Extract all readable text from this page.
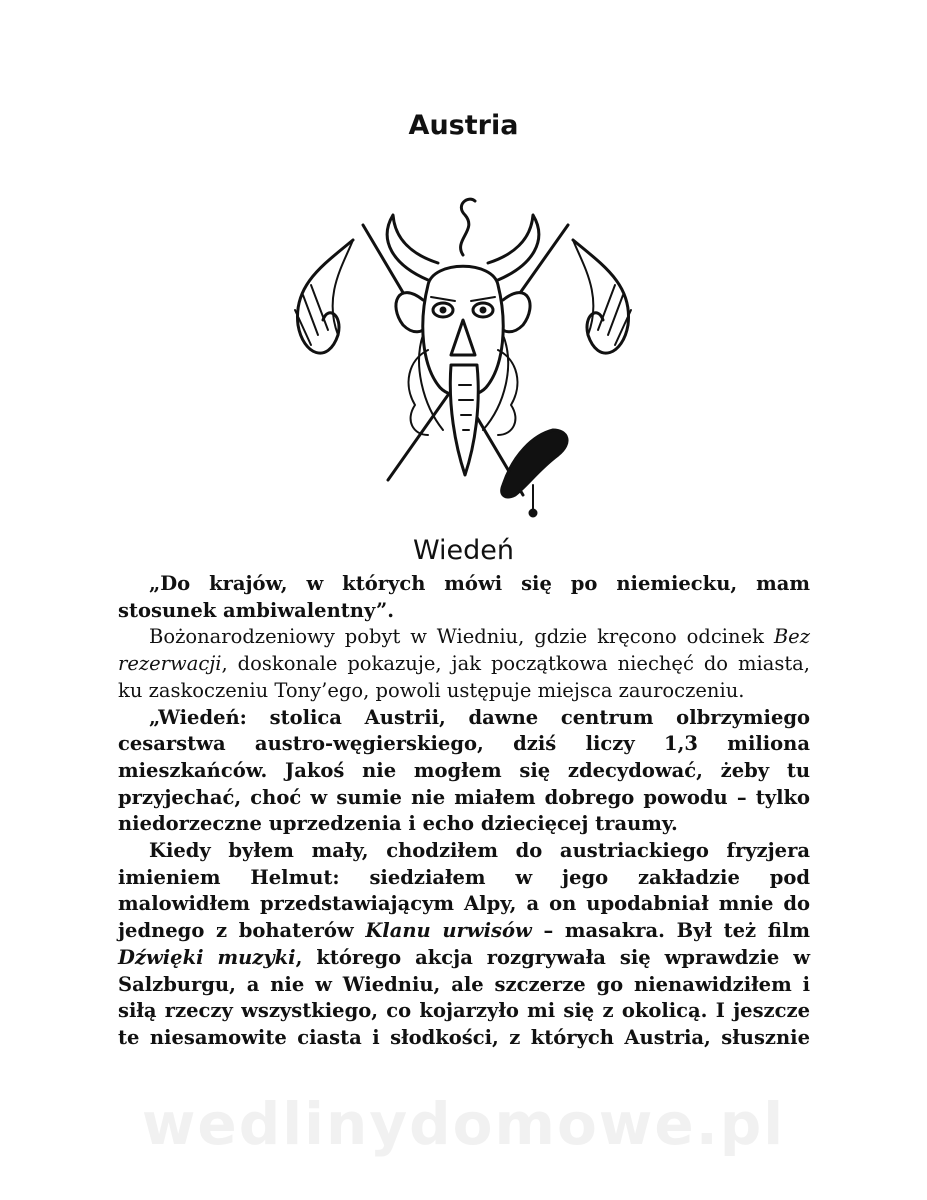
Austria
Wiedeń

„Do krajów, w których mówi się po niemiecku, mam stosunek ambiwalentny”.

Bożonarodzeniowy pobyt w Wiedniu, gdzie kręcono odcinek Bez rezerwacji, doskonale pokazuje, jak początkowa niechęć do miasta, ku zaskoczeniu Tony’ego, powoli ustępuje miejsca zauroczeniu.

„Wiedeń: stolica Austrii, dawne centrum olbrzymiego cesarstwa austro-węgierskiego, dziś liczy 1,3 miliona mieszkańców. Jakoś nie mogłem się zdecydować, żeby tu przyjechać, choć w sumie nie miałem dobrego powodu – tylko niedorzeczne uprzedzenia i echo dziecięcej traumy.

Kiedy byłem mały, chodziłem do austriackiego fryzjera imieniem Helmut: siedziałem w jego zakładzie pod malowidłem przedstawiającym Alpy, a on upodabniał mnie do jednego z bohaterów Klanu urwisów – masakra. Był też film Dźwięki muzyki, którego akcja rozgrywała się wprawdzie w Salzburgu, a nie w Wiedniu, ale szczerze go nienawidziłem i siłą rzeczy wszystkiego, co kojarzyło mi się z okolicą. I jeszcze te niesamowite ciasta i słodkości, z których Austria, słusznie

wedlinydomowe.pl
